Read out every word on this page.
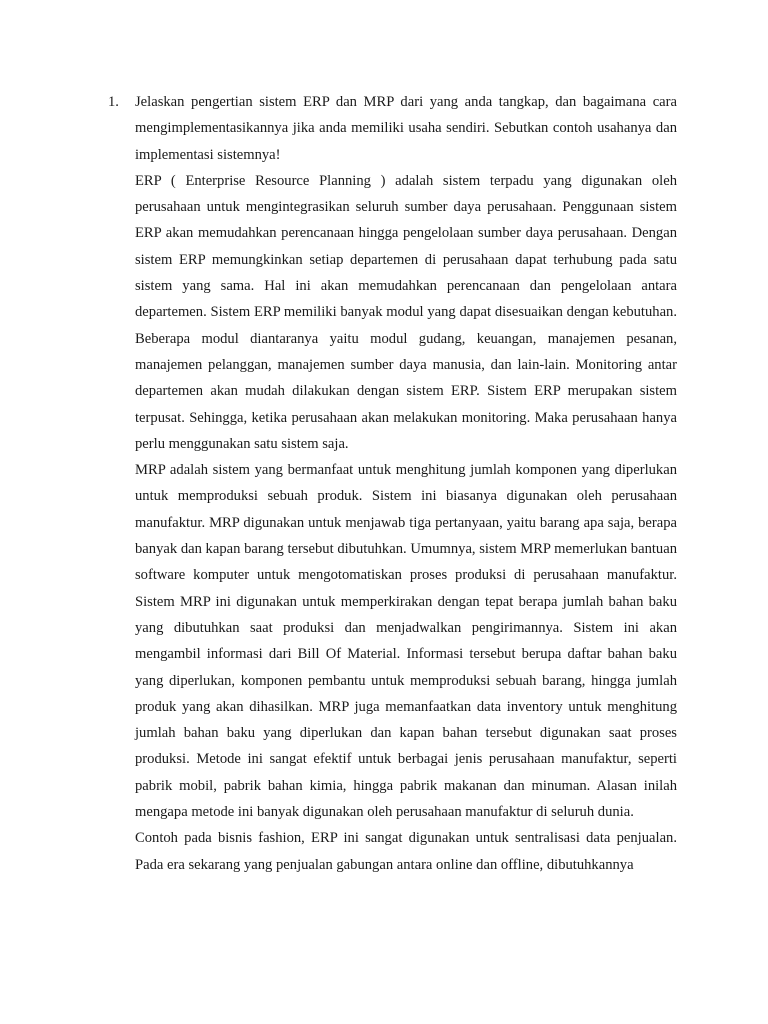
1.	Jelaskan pengertian sistem ERP dan MRP dari yang anda tangkap, dan bagaimana cara mengimplementasikannya jika anda memiliki usaha sendiri. Sebutkan contoh usahanya dan implementasi sistemnya!

ERP ( Enterprise Resource Planning ) adalah sistem terpadu yang digunakan oleh perusahaan untuk mengintegrasikan seluruh sumber daya perusahaan. Penggunaan sistem ERP akan memudahkan perencanaan hingga pengelolaan sumber daya perusahaan. Dengan sistem ERP memungkinkan setiap departemen di perusahaan dapat terhubung pada satu sistem yang sama. Hal ini akan memudahkan perencanaan dan pengelolaan antara departemen. Sistem ERP memiliki banyak modul yang dapat disesuaikan dengan kebutuhan. Beberapa modul diantaranya yaitu modul gudang, keuangan, manajemen pesanan, manajemen pelanggan, manajemen sumber daya manusia, dan lain-lain. Monitoring antar departemen akan mudah dilakukan dengan sistem ERP. Sistem ERP merupakan sistem terpusat. Sehingga, ketika perusahaan akan melakukan monitoring. Maka perusahaan hanya perlu menggunakan satu sistem saja.

MRP adalah sistem yang bermanfaat untuk menghitung jumlah komponen yang diperlukan untuk memproduksi sebuah produk. Sistem ini biasanya digunakan oleh perusahaan manufaktur. MRP digunakan untuk menjawab tiga pertanyaan, yaitu barang apa saja, berapa banyak dan kapan barang tersebut dibutuhkan. Umumnya, sistem MRP memerlukan bantuan software komputer untuk mengotomatiskan proses produksi di perusahaan manufaktur. Sistem MRP ini digunakan untuk memperkirakan dengan tepat berapa jumlah bahan baku yang dibutuhkan saat produksi dan menjadwalkan pengirimannya. Sistem ini akan mengambil informasi dari Bill Of Material. Informasi tersebut berupa daftar bahan baku yang diperlukan, komponen pembantu untuk memproduksi sebuah barang, hingga jumlah produk yang akan dihasilkan. MRP juga memanfaatkan data inventory untuk menghitung jumlah bahan baku yang diperlukan dan kapan bahan tersebut digunakan saat proses produksi. Metode ini sangat efektif untuk berbagai jenis perusahaan manufaktur, seperti pabrik mobil, pabrik bahan kimia, hingga pabrik makanan dan minuman. Alasan inilah mengapa metode ini banyak digunakan oleh perusahaan manufaktur di seluruh dunia.

Contoh pada bisnis fashion, ERP ini sangat digunakan untuk sentralisasi data penjualan. Pada era sekarang yang penjualan gabungan antara online dan offline, dibutuhkannya
